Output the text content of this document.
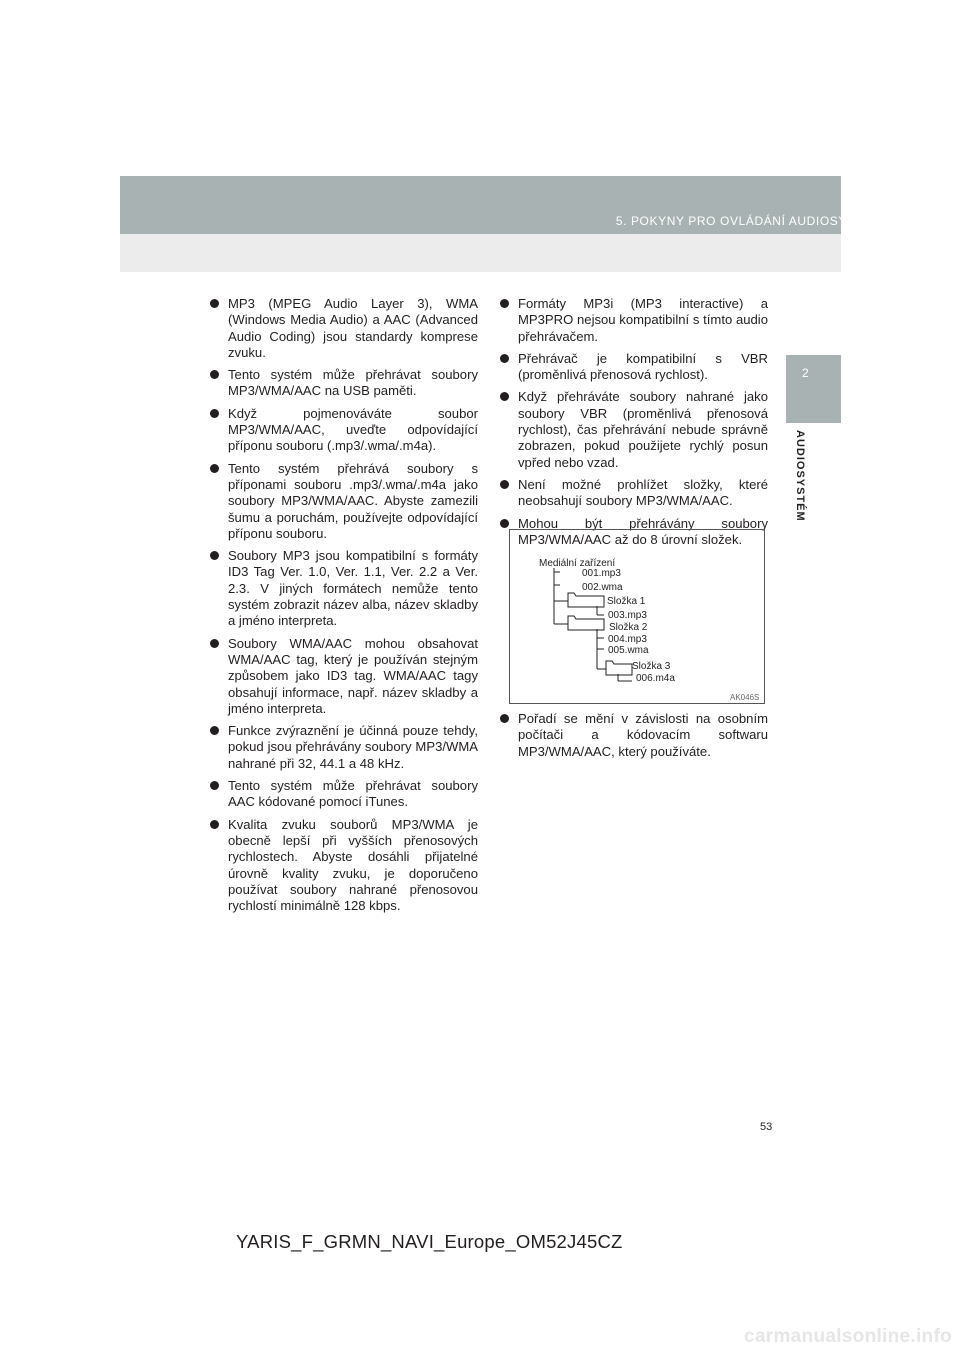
5. POKYNY PRO OVLÁDÁNÍ AUDIOSYSTÉMU
2
AUDIOSYSTÉM
MP3 (MPEG Audio Layer 3), WMA (Windows Media Audio) a AAC (Advanced Audio Coding) jsou standardy komprese zvuku.
Tento systém může přehrávat soubory MP3/WMA/AAC na USB paměti.
Když pojmenováváte soubor MP3/WMA/AAC, uveďte odpovídající příponu souboru (.mp3/.wma/.m4a).
Tento systém přehrává soubory s příponami souboru .mp3/.wma/.m4a jako soubory MP3/WMA/AAC. Abyste zamezili šumu a poruchám, používejte odpovídající příponu souboru.
Soubory MP3 jsou kompatibilní s formáty ID3 Tag Ver. 1.0, Ver. 1.1, Ver. 2.2 a Ver. 2.3. V jiných formátech nemůže tento systém zobrazit název alba, název skladby a jméno interpreta.
Soubory WMA/AAC mohou obsahovat WMA/AAC tag, který je používán stejným způsobem jako ID3 tag. WMA/AAC tagy obsahují informace, např. název skladby a jméno interpreta.
Funkce zvýraznění je účinná pouze tehdy, pokud jsou přehrávány soubory MP3/WMA nahrané při 32, 44.1 a 48 kHz.
Tento systém může přehrávat soubory AAC kódované pomocí iTunes.
Kvalita zvuku souborů MP3/WMA je obecně lepší při vyšších přenosových rychlostech. Abyste dosáhli přijatelné úrovně kvality zvuku, je doporučeno používat soubory nahrané přenosovou rychlostí minimálně 128 kbps.
Formáty MP3i (MP3 interactive) a MP3PRO nejsou kompatibilní s tímto audio přehrávačem.
Přehrávač je kompatibilní s VBR (proměnlivá přenosová rychlost).
Když přehráváte soubory nahrané jako soubory VBR (proměnlivá přenosová rychlost), čas přehrávání nebude správně zobrazen, pokud použijete rychlý posun vpřed nebo vzad.
Není možné prohlížet složky, které neobsahují soubory MP3/WMA/AAC.
Mohou být přehrávány soubory MP3/WMA/AAC až do 8 úrovní složek.
Mediální zařízení
001.mp3
002.wma
Složka 1
003.mp3
Složka 2
004.mp3
005.wma
Složka 3
006.m4a
AK046S
Pořadí se mění v závislosti na osobním počítači a kódovacím softwaru MP3/WMA/AAC, který používáte.
53
YARIS_F_GRMN_NAVI_Europe_OM52J45CZ
carmanualsonline.info
